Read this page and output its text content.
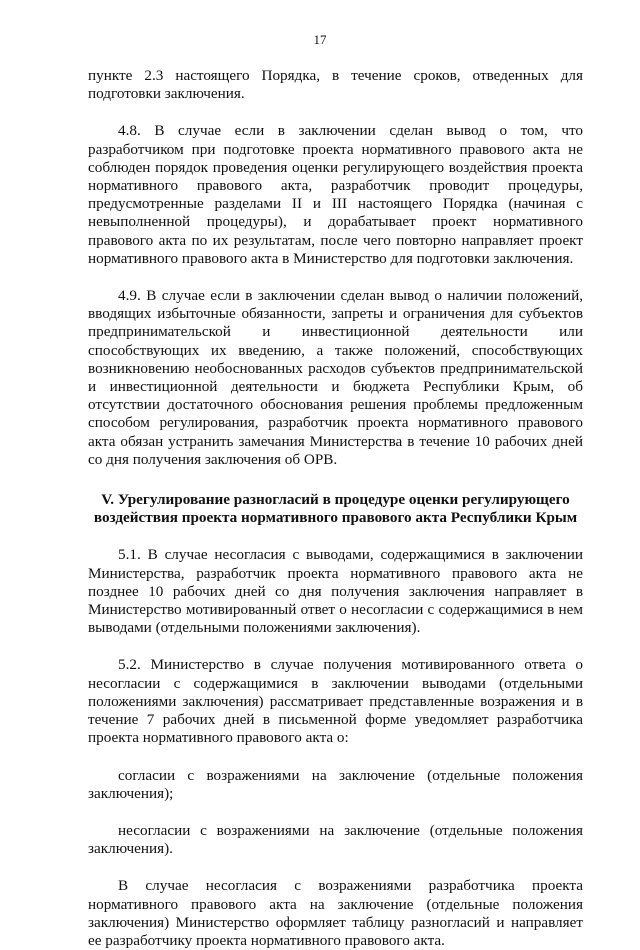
17

пункте 2.3 настоящего Порядка, в течение сроков, отведенных для подготовки заключения.

4.8. В случае если в заключении сделан вывод о том, что разработчиком при подготовке проекта нормативного правового акта не соблюден порядок проведения оценки регулирующего воздействия проекта нормативного правового акта, разработчик проводит процедуры, предусмотренные разделами II и III настоящего Порядка (начиная с невыполненной процедуры), и дорабатывает проект нормативного правового акта по их результатам, после чего повторно направляет проект нормативного правового акта в Министерство для подготовки заключения.

4.9. В случае если в заключении сделан вывод о наличии положений, вводящих избыточные обязанности, запреты и ограничения для субъектов предпринимательской и инвестиционной деятельности или способствующих их введению, а также положений, способствующих возникновению необоснованных расходов субъектов предпринимательской и инвестиционной деятельности и бюджета Республики Крым, об отсутствии достаточного обоснования решения проблемы предложенным способом регулирования, разработчик проекта нормативного правового акта обязан устранить замечания Министерства в течение 10 рабочих дней со дня получения заключения об ОРВ.

V. Урегулирование разногласий в процедуре оценки регулирующего воздействия проекта нормативного правового акта Республики Крым

5.1. В случае несогласия с выводами, содержащимися в заключении Министерства, разработчик проекта нормативного правового акта не позднее 10 рабочих дней со дня получения заключения направляет в Министерство мотивированный ответ о несогласии с содержащимися в нем выводами (отдельными положениями заключения).

5.2. Министерство в случае получения мотивированного ответа о несогласии с содержащимися в заключении выводами (отдельными положениями заключения) рассматривает представленные возражения и в течение 7 рабочих дней в письменной форме уведомляет разработчика проекта нормативного правового акта о:

согласии с возражениями на заключение (отдельные положения заключения);

несогласии с возражениями на заключение (отдельные положения заключения).

В случае несогласия с возражениями разработчика проекта нормативного правового акта на заключение (отдельные положения заключения) Министерство оформляет таблицу разногласий и направляет ее разработчику проекта нормативного правового акта.
